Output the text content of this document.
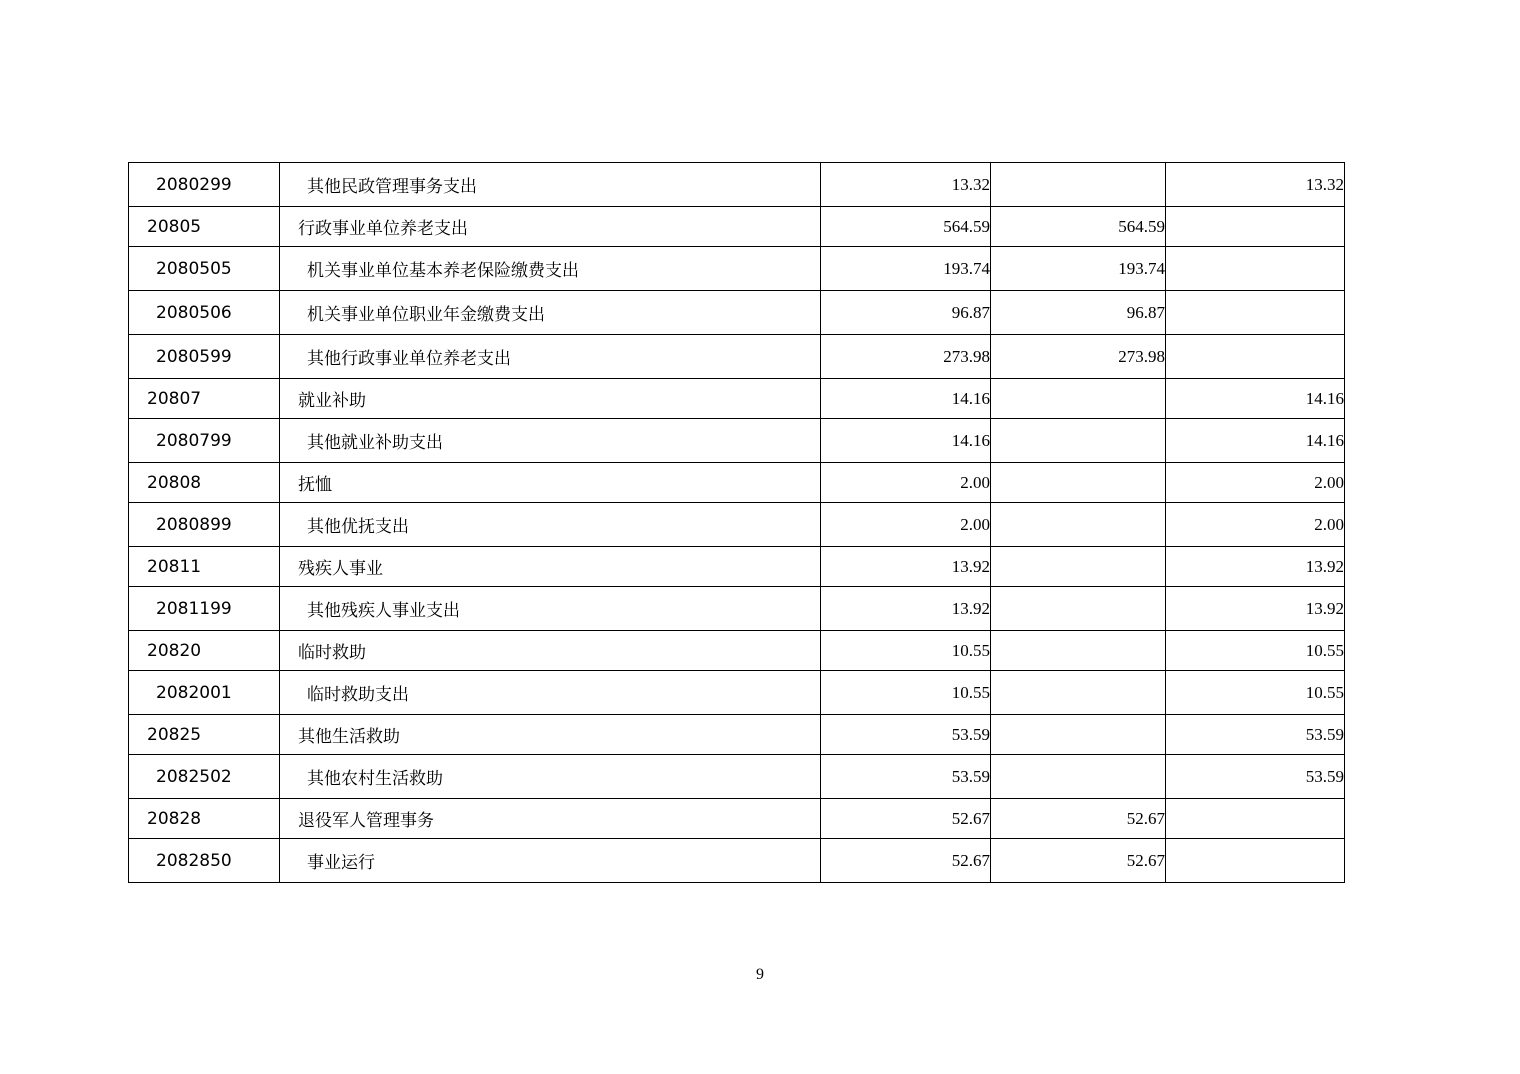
2080299	其他民政管理事务支出	13.32		13.32
20805	行政事业单位养老支出	564.59	564.59	
2080505	机关事业单位基本养老保险缴费支出	193.74	193.74	
2080506	机关事业单位职业年金缴费支出	96.87	96.87	
2080599	其他行政事业单位养老支出	273.98	273.98	
20807	就业补助	14.16		14.16
2080799	其他就业补助支出	14.16		14.16
20808	抚恤	2.00		2.00
2080899	其他优抚支出	2.00		2.00
20811	残疾人事业	13.92		13.92
2081199	其他残疾人事业支出	13.92		13.92
20820	临时救助	10.55		10.55
2082001	临时救助支出	10.55		10.55
20825	其他生活救助	53.59		53.59
2082502	其他农村生活救助	53.59		53.59
20828	退役军人管理事务	52.67	52.67	
2082850	事业运行	52.67	52.67	
9
